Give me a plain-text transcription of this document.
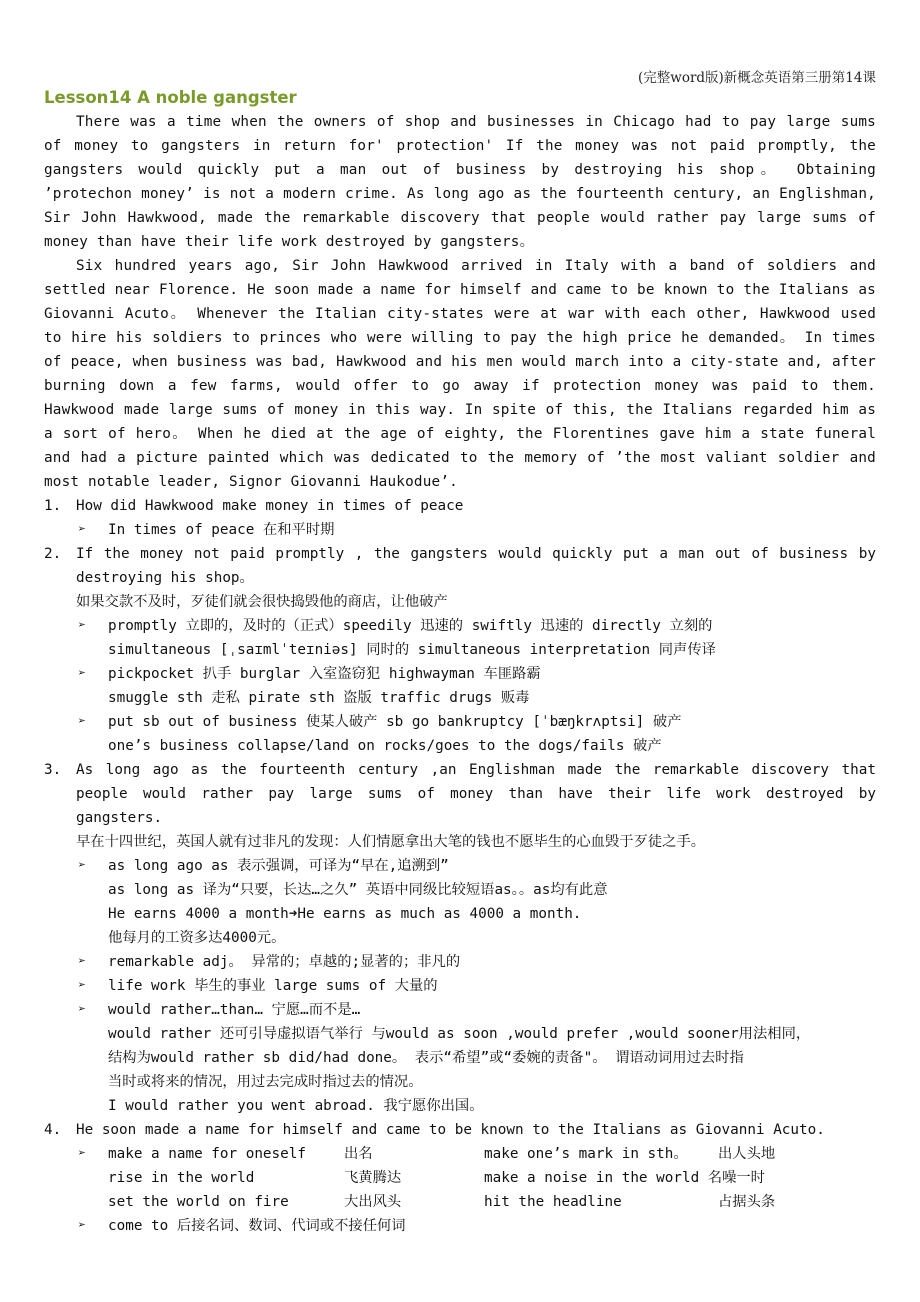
(完整word版)新概念英语第三册第14课
Lesson14 A noble gangster

There was a time when the owners of shop and businesses in Chicago had to pay large sums of money to gangsters in return for' protection' If the money was not paid promptly, the gangsters would quickly put a man out of business by destroying his shop。 Obtaining ’protechon money’ is not a modern crime. As long ago as the fourteenth century, an Englishman, Sir John Hawkwood, made the remarkable discovery that people would rather pay large sums of money than have their life work destroyed by gangsters。

Six hundred years ago, Sir John Hawkwood arrived in Italy with a band of soldiers and settled near Florence. He soon made a name for himself and came to be known to the Italians as Giovanni Acuto。 Whenever the Italian city-states were at war with each other, Hawkwood used to hire his soldiers to princes who were willing to pay the high price he demanded。 In times of peace, when business was bad, Hawkwood and his men would march into a city-state and, after burning down a few farms, would offer to go away if protection money was paid to them. Hawkwood made large sums of money in this way. In spite of this, the Italians regarded him as a sort of hero。 When he died at the age of eighty, the Florentines gave him a state funeral and had a picture painted which was dedicated to the memory of ’the most valiant soldier and most notable leader, Signor Giovanni Haukodue’.

1. How did Hawkwood make money in times of peace
➢ In times of peace 在和平时期
2. If the money not paid promptly , the gangsters would quickly put a man out of business by destroying his shop。
如果交款不及时，歹徒们就会很快捣毁他的商店，让他破产
➢ promptly 立即的，及时的（正式）speedily 迅速的 swiftly 迅速的 directly 立刻的
simultaneous [ˌsaɪmlˈteɪniəs] 同时的 simultaneous interpretation 同声传译
➢ pickpocket 扒手 burglar 入室盗窃犯 highwayman 车匪路霸
smuggle sth 走私 pirate sth 盗版 traffic drugs 贩毒
➢ put sb out of business 使某人破产 sb go bankruptcy [ˈbæŋkrʌptsi] 破产
one’s business collapse/land on rocks/goes to the dogs/fails 破产
3. As long ago as the fourteenth century ,an Englishman made the remarkable discovery that people would rather pay large sums of money than have their life work destroyed by gangsters.
早在十四世纪，英国人就有过非凡的发现：人们情愿拿出大笔的钱也不愿毕生的心血毁于歹徒之手。
➢ as long ago as 表示强调，可译为“早在,追溯到”
as long as 译为“只要，长达…之久” 英语中同级比较短语as。。as均有此意
He earns 4000 a month➜He earns as much as 4000 a month.
他每月的工资多达4000元。
➢ remarkable adj。 异常的；卓越的;显著的；非凡的
➢ life work 毕生的事业 large sums of 大量的
➢ would rather…than… 宁愿…而不是…
would rather 还可引导虚拟语气举行 与would as soon ,would prefer ,would sooner用法相同，
结构为would rather sb did/had done。 表示“希望”或“委婉的责备"。 谓语动词用过去时指
当时或将来的情况，用过去完成时指过去的情况。
I would rather you went abroad. 我宁愿你出国。
4. He soon made a name for himself and came to be known to the Italians as Giovanni Acuto.
➢ make a name for oneself	出名	make one’s mark in sth。 出人头地
rise in the world	飞黄腾达	make a noise in the world 名噪一时
set the world on fire	大出风头	hit the headline	占据头条
➢ come to 后接名词、数词、代词或不接任何词
